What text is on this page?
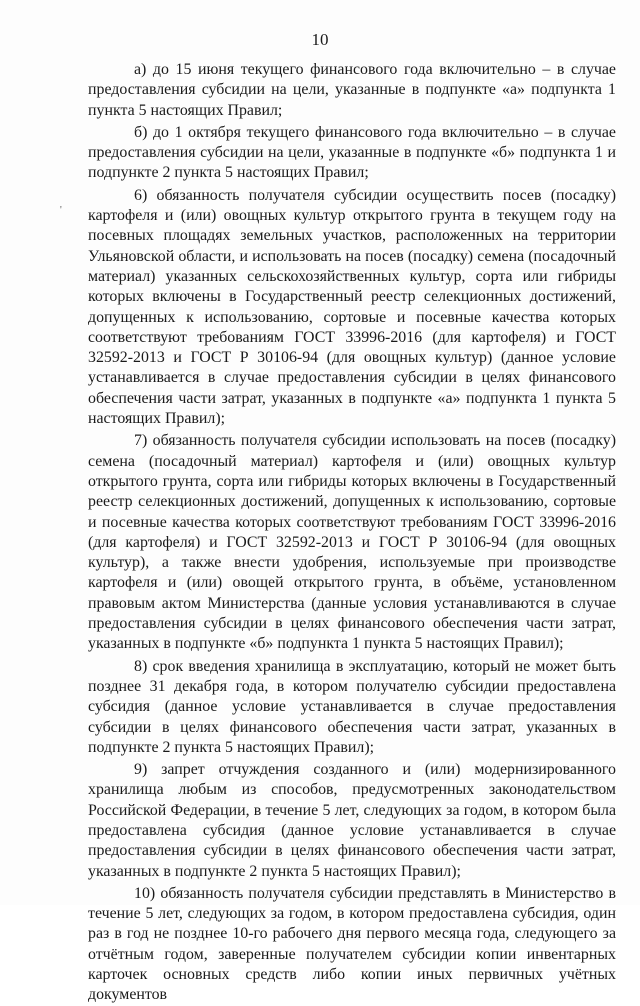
10
'

а) до 15 июня текущего финансового года включительно – в случае предоставления субсидии на цели, указанные в подпункте «а» подпункта 1 пункта 5 настоящих Правил;

б) до 1 октября текущего финансового года включительно – в случае предоставления субсидии на цели, указанные в подпункте «б» подпункта 1 и подпункте 2 пункта 5 настоящих Правил;

6) обязанность получателя субсидии осуществить посев (посадку) картофеля и (или) овощных культур открытого грунта в текущем году на посевных площадях земельных участков, расположенных на территории Ульяновской области, и использовать на посев (посадку) семена (посадочный материал) указанных сельскохозяйственных культур, сорта или гибриды которых включены в Государственный реестр селекционных достижений, допущенных к использованию, сортовые и посевные качества которых соответствуют требованиям ГОСТ 33996-2016 (для картофеля) и ГОСТ 32592-2013 и ГОСТ Р 30106-94 (для овощных культур) (данное условие устанавливается в случае предоставления субсидии в целях финансового обеспечения части затрат, указанных в подпункте «а» подпункта 1 пункта 5 настоящих Правил);

7) обязанность получателя субсидии использовать на посев (посадку) семена (посадочный материал) картофеля и (или) овощных культур открытого грунта, сорта или гибриды которых включены в Государственный реестр селекционных достижений, допущенных к использованию, сортовые и посевные качества которых соответствуют требованиям ГОСТ 33996-2016 (для картофеля) и ГОСТ 32592-2013 и ГОСТ Р 30106-94 (для овощных культур), а также внести удобрения, используемые при производстве картофеля и (или) овощей открытого грунта, в объёме, установленном правовым актом Министерства (данные условия устанавливаются в случае предоставления субсидии в целях финансового обеспечения части затрат, указанных в подпункте «б» подпункта 1 пункта 5 настоящих Правил);

8) срок введения хранилища в эксплуатацию, который не может быть позднее 31 декабря года, в котором получателю субсидии предоставлена субсидия (данное условие устанавливается в случае предоставления субсидии в целях финансового обеспечения части затрат, указанных в подпункте 2 пункта 5 настоящих Правил);

9) запрет отчуждения созданного и (или) модернизированного хранилища любым из способов, предусмотренных законодательством Российской Федерации, в течение 5 лет, следующих за годом, в котором была предоставлена субсидия (данное условие устанавливается в случае предоставления субсидии в целях финансового обеспечения части затрат, указанных в подпункте 2 пункта 5 настоящих Правил);

10) обязанность получателя субсидии представлять в Министерство в течение 5 лет, следующих за годом, в котором предоставлена субсидия, один раз в год не позднее 10-го рабочего дня первого месяца года, следующего за отчётным годом, заверенные получателем субсидии копии инвентарных карточек основных средств либо копии иных первичных учётных документов
